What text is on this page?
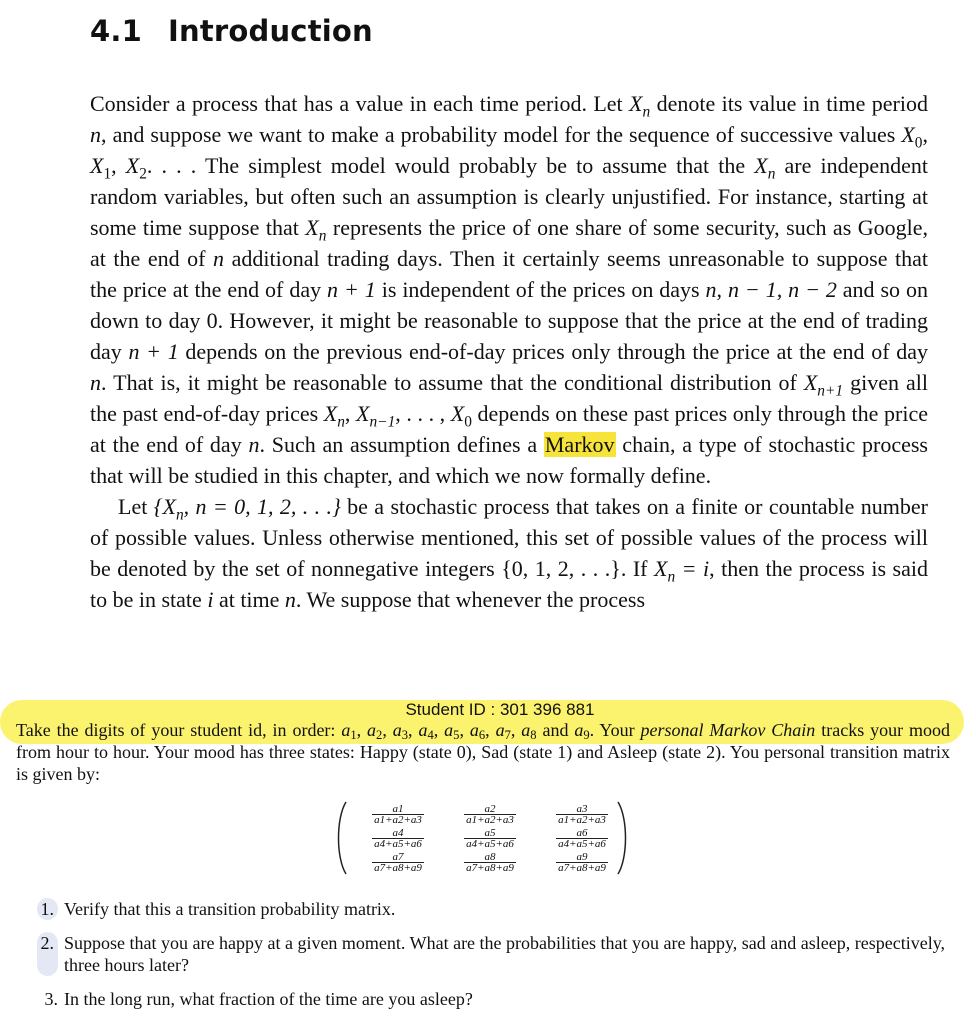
4.1 Introduction

Consider a process that has a value in each time period. Let $X_n$ denote its value in time period n, and suppose we want to make a probability model for the sequence of successive values $X_0$, $X_1$, $X_2$. . . . The simplest model would probably be to assume that the $X_n$ are independent random variables, but often such an assumption is clearly unjustified. For instance, starting at some time suppose that $X_n$ represents the price of one share of some security, such as Google, at the end of n additional trading days. Then it certainly seems unreasonable to suppose that the price at the end of day n + 1 is independent of the prices on days n, n − 1, n − 2 and so on down to day 0. However, it might be reasonable to suppose that the price at the end of trading day n + 1 depends on the previous end-of-day prices only through the price at the end of day n. That is, it might be reasonable to assume that the conditional distribution of $X_{n+1}$ given all the past end-of-day prices $X_n$, $X_{n-1}$, . . . , $X_0$ depends on these past prices only through the price at the end of day n. Such an assumption defines a Markov chain, a type of stochastic process that will be studied in this chapter, and which we now formally define.

Let {$X_n$, n = 0, 1, 2, . . .} be a stochastic process that takes on a finite or countable number of possible values. Unless otherwise mentioned, this set of possible values of the process will be denoted by the set of nonnegative integers {0, 1, 2, . . .}. If $X_n = i$, then the process is said to be in state i at time n. We suppose that whenever the process

Student ID : 301 396 881

Take the digits of your student id, in order: $a_1$, $a_2$, $a_3$, $a_4$, $a_5$, $a_6$, $a_7$, $a_8$ and $a_9$. Your personal Markov Chain tracks your mood from hour to hour. Your mood has three states: Happy (state 0), Sad (state 1) and Asleep (state 2). You personal transition matrix is given by:

$\frac{a1}{a1+a2+a3} \frac{a2}{a1+a2+a3} \frac{a3}{a1+a2+a3}$
$\frac{a4}{a4+a5+a6} \frac{a5}{a4+a5+a6} \frac{a6}{a4+a5+a6}$
$\frac{a7}{a7+a8+a9} \frac{a8}{a7+a8+a9} \frac{a9}{a7+a8+a9}$
1. Verify that this a transition probability matrix.
2. Suppose that you are happy at a given moment. What are the probabilities that you are happy, sad and asleep, respectively, three hours later?
3. In the long run, what fraction of the time are you asleep?
